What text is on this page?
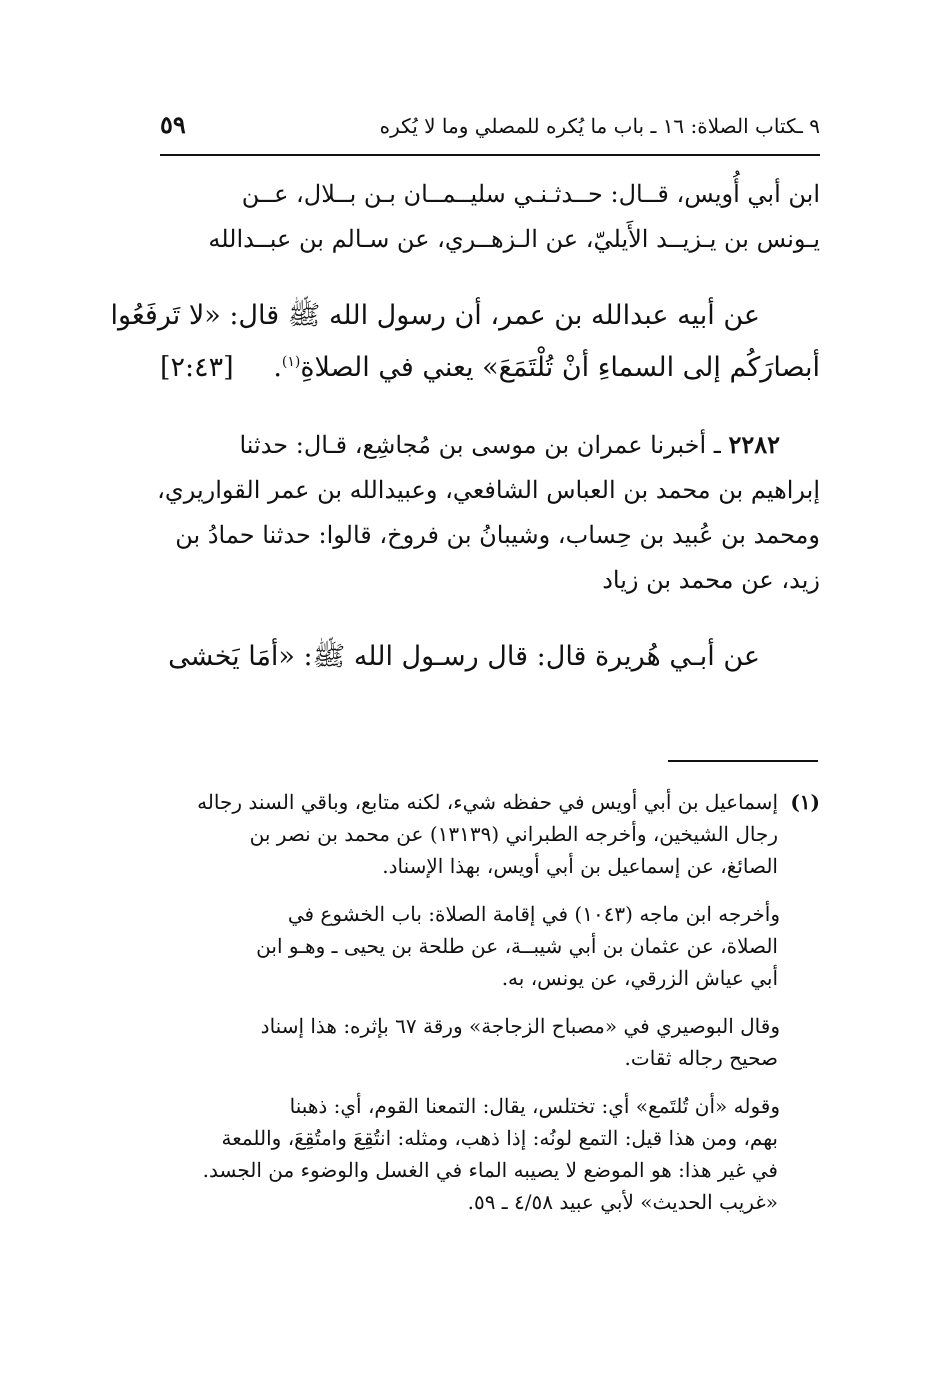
٩ ـكتاب الصلاة: ١٦ ـ باب ما يُكره للمصلي وما لا يُكره
٥٩

ابن أبي أُويس، قــال: حــدثـنـي سليــمــان بـن بــلال، عــن
يـونس بن يـزيــد الأَيليّ، عن الـزهــري، عن سـالم بن عبــدالله

عن أبيه عبدالله بن عمر، أن رسول الله ﷺ قال: «لا تَرفَعُوا
أبصارَكُم إلى السماءِ أنْ تُلْتَمَعَ» يعني في الصلاةِ$^{(١)}$.
[٢:٤٣]

٢٢٨٢ ـ أخبرنا عمران بن موسى بن مُجاشِع، قـال: حدثنا
إبراهيم بن محمد بن العباس الشافعي، وعبيدالله بن عمر القواريري،
ومحمد بن عُبيد بن حِساب، وشيبانُ بن فروخ، قالوا: حدثنا حمادُ بن
زيد، عن محمد بن زياد

عن أبـي هُريرة قال: قال رسـول الله ﷺ: «أمَا يَخشى

(١)إسماعيل بن أبي أويس في حفظه شيء، لكنه متابع، وباقي السند رجاله
رجال الشيخين، وأخرجه الطبراني (١٣١٣٩) عن محمد بن نصر بن
الصائغ، عن إسماعيل بن أبي أويس، بهذا الإسناد.

وأخرجه ابن ماجه (١٠٤٣) في إقامة الصلاة: باب الخشوع في
الصلاة، عن عثمان بن أبي شيبــة، عن طلحة بن يحيى ـ وهـو ابن
أبي عياش الزرقي، عن يونس، به.

وقال البوصيري في «مصباح الزجاجة» ورقة ٦٧ بإثره: هذا إسناد
صحيح رجاله ثقات.

وقوله «أن تُلتَمع» أي: تختلس، يقال: التمعنا القوم، أي: ذهبنا
بهم، ومن هذا قيل: التمع لونُه: إذا ذهب، ومثله: انتُقِعَ وامتُقِعَ، واللمعة
في غير هذا: هو الموضع لا يصيبه الماء في الغسل والوضوء من الجسد.
«غريب الحديث» لأبي عبيد ٤/٥٨ ـ ٥٩.
